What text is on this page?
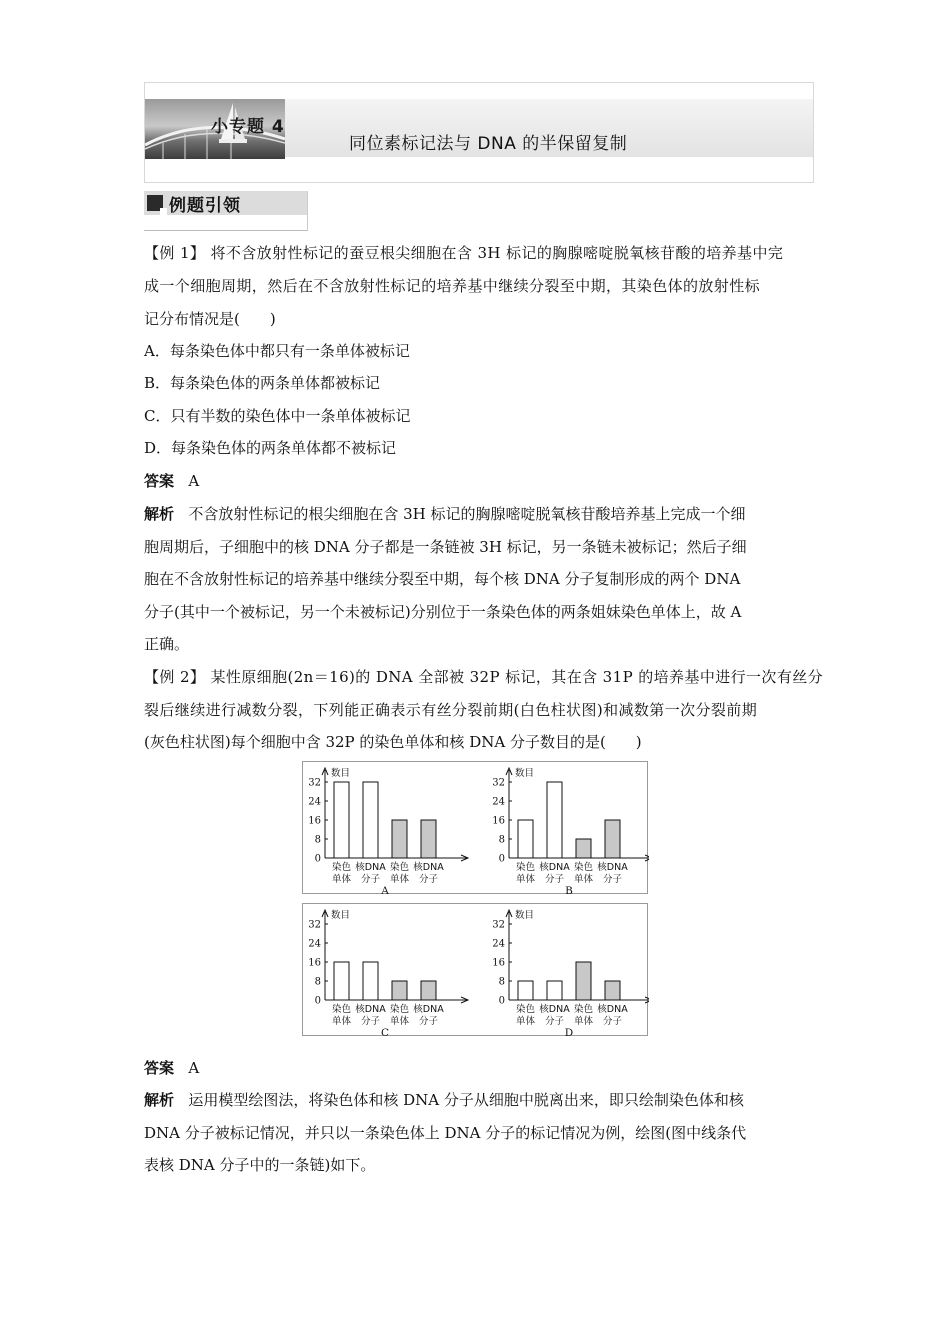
小专题 4
同位素标记法与 DNA 的半保留复制
例题引领
【例 1】 将不含放射性标记的蚕豆根尖细胞在含 3H 标记的胸腺嘧啶脱氧核苷酸的培养基中完
成一个细胞周期，然后在不含放射性标记的培养基中继续分裂至中期，其染色体的放射性标
记分布情况是(　　)
A．每条染色体中都只有一条单体被标记
B．每条染色体的两条单体都被标记
C．只有半数的染色体中一条单体被标记
D．每条染色体的两条单体都不被标记
答案 A
解析 不含放射性标记的根尖细胞在含 3H 标记的胸腺嘧啶脱氧核苷酸培养基上完成一个细
胞周期后，子细胞中的核 DNA 分子都是一条链被 3H 标记，另一条链未被标记；然后子细
胞在不含放射性标记的培养基中继续分裂至中期，每个核 DNA 分子复制形成的两个 DNA
分子(其中一个被标记，另一个未被标记)分别位于一条染色体的两条姐妹染色单体上，故 A
正确。
【例 2】 某性原细胞(2n＝16)的 DNA 全部被 32P 标记，其在含 31P 的培养基中进行一次有丝分
裂后继续进行减数分裂，下列能正确表示有丝分裂前期(白色柱状图)和减数第一次分裂前期
(灰色柱状图)每个细胞中含 32P 的染色单体和核 DNA 分子数目的是(　　)
数目
0
8
16
24
32
染色
单体
核DNA
分子
染色
单体
核DNA
分子
A
数目
0
8
16
24
32
染色
单体
核DNA
分子
染色
单体
核DNA
分子
B
数目
0
8
16
24
32
染色
单体
核DNA
分子
染色
单体
核DNA
分子
C
数目
0
8
16
24
32
染色
单体
核DNA
分子
染色
单体
核DNA
分子
D
答案 A
解析 运用模型绘图法，将染色体和核 DNA 分子从细胞中脱离出来，即只绘制染色体和核
DNA 分子被标记情况，并只以一条染色体上 DNA 分子的标记情况为例，绘图(图中线条代
表核 DNA 分子中的一条链)如下。
